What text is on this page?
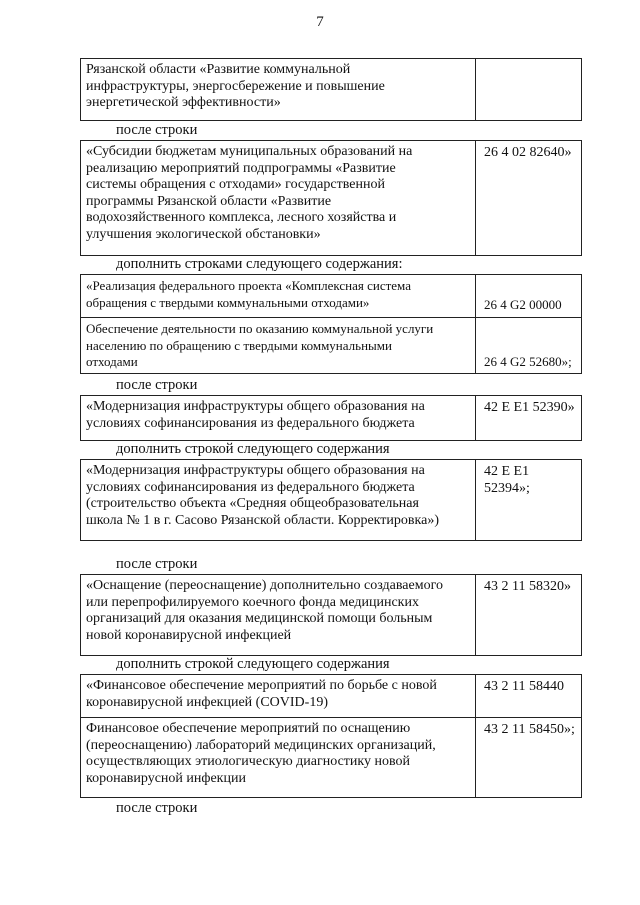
7
Рязанской области «Развитие коммунальной
инфраструктуры, энергосбережение и повышение
энергетической эффективности»
после строки
«Субсидии бюджетам муниципальных образований на
реализацию мероприятий подпрограммы «Развитие
системы обращения с отходами» государственной
программы Рязанской области «Развитие
водохозяйственного комплекса, лесного хозяйства и
улучшения экологической обстановки»
26 4 02 82640»
дополнить строками следующего содержания:
«Реализация федерального проекта «Комплексная система
обращения с твердыми коммунальными отходами»	26 4 G2 00000
Обеспечение деятельности по оказанию коммунальной услуги
населению по обращению с твердыми коммунальными
отходами	26 4 G2 52680»;
после строки
«Модернизация инфраструктуры общего образования на
условиях софинансирования из федерального бюджета
42 E E1 52390»
дополнить строкой следующего содержания
«Модернизация инфраструктуры общего образования на
условиях софинансирования из федерального бюджета
(строительство объекта «Средняя общеобразовательная
школа № 1 в г. Сасово Рязанской области. Корректировка»)
42 E E1 52394»;
после строки
«Оснащение (переоснащение) дополнительно создаваемого
или перепрофилируемого коечного фонда медицинских
организаций для оказания медицинской помощи больным
новой коронавирусной инфекцией
43 2 11 58320»
дополнить строкой следующего содержания
«Финансовое обеспечение мероприятий по борьбе с новой
коронавирусной инфекцией (COVID-19)
43 2 11 58440
Финансовое обеспечение мероприятий по оснащению
(переоснащению) лабораторий медицинских организаций,
осуществляющих этиологическую диагностику новой
коронавирусной инфекции
43 2 11 58450»;
после строки
